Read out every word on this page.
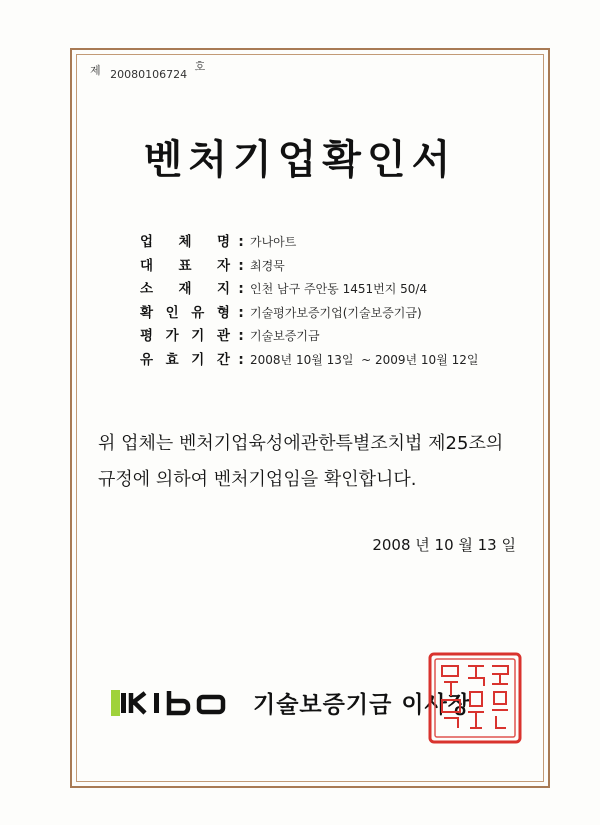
제 20080106724 호
벤처기업확인서
업 체 명 : 가나아트
대 표 자 : 최경묵
소 재 지 : 인천 남구 주안동 1451번지 50/4
확 인 유 형 : 기술평가보증기업(기술보증기금)
평 가 기 관 : 기술보증기금
유 효 기 간 : 2008년 10월 13일  ~ 2009년 10월 12일
위 업체는 벤처기업육성에관한특별조치법 제25조의
규정에 의하여 벤처기업임을 확인합니다.
2008 년 10 월 13 일
기술보증기금 이사장
